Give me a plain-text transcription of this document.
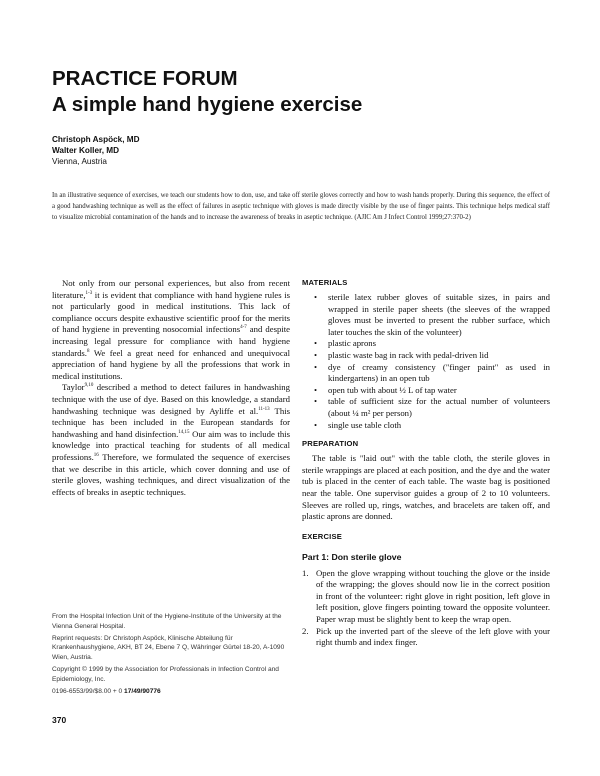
PRACTICE FORUM
A simple hand hygiene exercise
Christoph Aspöck, MD
Walter Koller, MD
Vienna, Austria
In an illustrative sequence of exercises, we teach our students how to don, use, and take off sterile gloves correctly and how to wash hands properly. During this sequence, the effect of a good handwashing technique as well as the effect of failures in aseptic technique with gloves is made directly visible by the use of finger paints. This technique helps medical staff to visualize microbial contamination of the hands and to increase the awareness of breaks in aseptic technique. (AJIC Am J Infect Control 1999;27:370-2)

Not only from our personal experiences, but also from recent literature,$^{1-3}$ it is evident that compliance with hand hygiene rules is not particularly good in medical institutions. This lack of compliance occurs despite exhaustive scientific proof for the merits of hand hygiene in preventing nosocomial infections$^{4-7}$ and despite increasing legal pressure for compliance with hand hygiene standards.$^8$ We feel a great need for enhanced and unequivocal appreciation of hand hygiene by all the professions that work in medical institutions.

Taylor$^{9,10}$ described a method to detect failures in handwashing technique with the use of dye. Based on this knowledge, a standard handwashing technique was designed by Ayliffe et al.$^{11-13}$ This technique has been included in the European standards for handwashing and hand disinfection.$^{14,15}$ Our aim was to include this knowledge into practical teaching for students of all medical professions.$^{16}$ Therefore, we formulated the sequence of exercises that we describe in this article, which cover donning and use of sterile gloves, washing techniques, and direct visualization of the effects of breaks in aseptic techniques.

From the Hospital Infection Unit of the Hygiene-Institute of the University at the Vienna General Hospital.

Reprint requests: Dr Christoph Aspöck, Klinische Abteilung für Krankenhaushygiene, AKH, BT 24, Ebene 7 Q, Währinger Gürtel 18-20, A-1090 Wien, Austria.

Copyright © 1999 by the Association for Professionals in Infection Control and Epidemiology, Inc.

0196-6553/99/$8.00 + 0 17/49/90776

370
MATERIALS
• sterile latex rubber gloves of suitable sizes, in pairs and wrapped in sterile paper sheets (the sleeves of the wrapped gloves must be inverted to present the rubber surface, which later touches the skin of the volunteer)
• plastic aprons
• plastic waste bag in rack with pedal-driven lid
• dye of creamy consistency ("finger paint" as used in kindergartens) in an open tub
• open tub with about ½ L of tap water
• table of sufficient size for the actual number of volunteers (about ¼ m² per person)
• single use table cloth
PREPARATION

The table is "laid out" with the table cloth, the sterile gloves in sterile wrappings are placed at each position, and the dye and the water tub is placed in the center of each table. The waste bag is positioned near the table. One supervisor guides a group of 2 to 10 volunteers. Sleeves are rolled up, rings, watches, and bracelets are taken off, and plastic aprons are donned.

EXERCISE
Part 1: Don sterile glove
1. Open the glove wrapping without touching the glove or the inside of the wrapping; the gloves should now lie in the correct position in front of the volunteer: right glove in right position, left glove in left position, glove fingers pointing toward the opposite volunteer. Paper wrap must be slightly bent to keep the wrap open.
2. Pick up the inverted part of the sleeve of the left glove with your right thumb and index finger.
